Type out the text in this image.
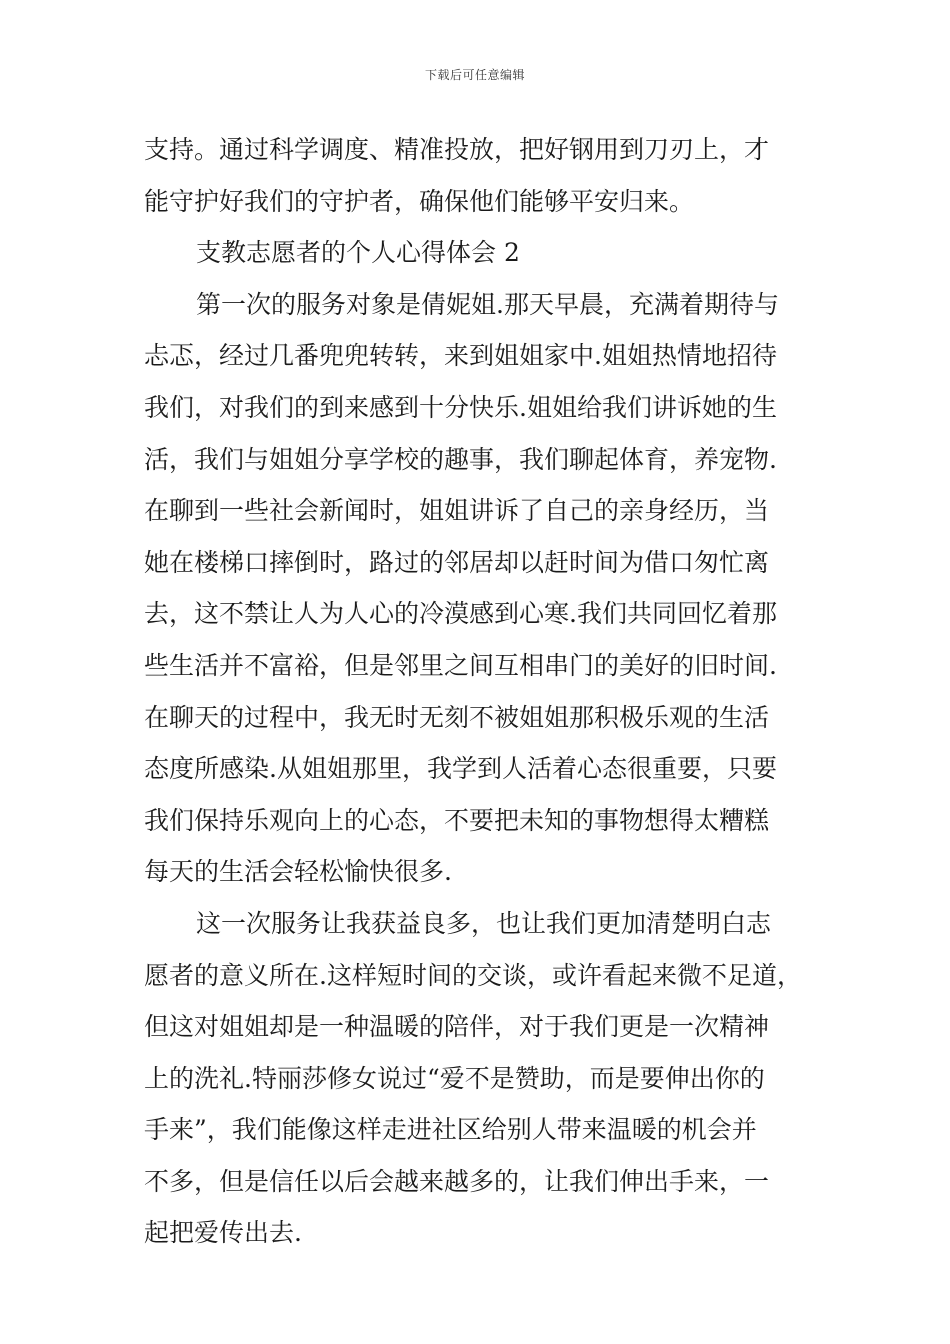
下载后可任意编辑
支持。通过科学调度、精准投放，把好钢用到刀刃上，才
能守护好我们的守护者，确保他们能够平安归来。
支教志愿者的个人心得体会 2
第一次的服务对象是倩妮姐.那天早晨，充满着期待与
忐忑，经过几番兜兜转转，来到姐姐家中.姐姐热情地招待
我们，对我们的到来感到十分快乐.姐姐给我们讲诉她的生
活，我们与姐姐分享学校的趣事，我们聊起体育，养宠物.
在聊到一些社会新闻时，姐姐讲诉了自己的亲身经历，当
她在楼梯口摔倒时，路过的邻居却以赶时间为借口匆忙离
去，这不禁让人为人心的冷漠感到心寒.我们共同回忆着那
些生活并不富裕，但是邻里之间互相串门的美好的旧时间.
在聊天的过程中，我无时无刻不被姐姐那积极乐观的生活
态度所感染.从姐姐那里，我学到人活着心态很重要，只要
我们保持乐观向上的心态，不要把未知的事物想得太糟糕
每天的生活会轻松愉快很多.
这一次服务让我获益良多，也让我们更加清楚明白志
愿者的意义所在.这样短时间的交谈，或许看起来微不足道，
但这对姐姐却是一种温暖的陪伴，对于我们更是一次精神
上的洗礼.特丽莎修女说过“爱不是赞助，而是要伸出你的
手来”，我们能像这样走进社区给别人带来温暖的机会并
不多，但是信任以后会越来越多的，让我们伸出手来，一
起把爱传出去.
